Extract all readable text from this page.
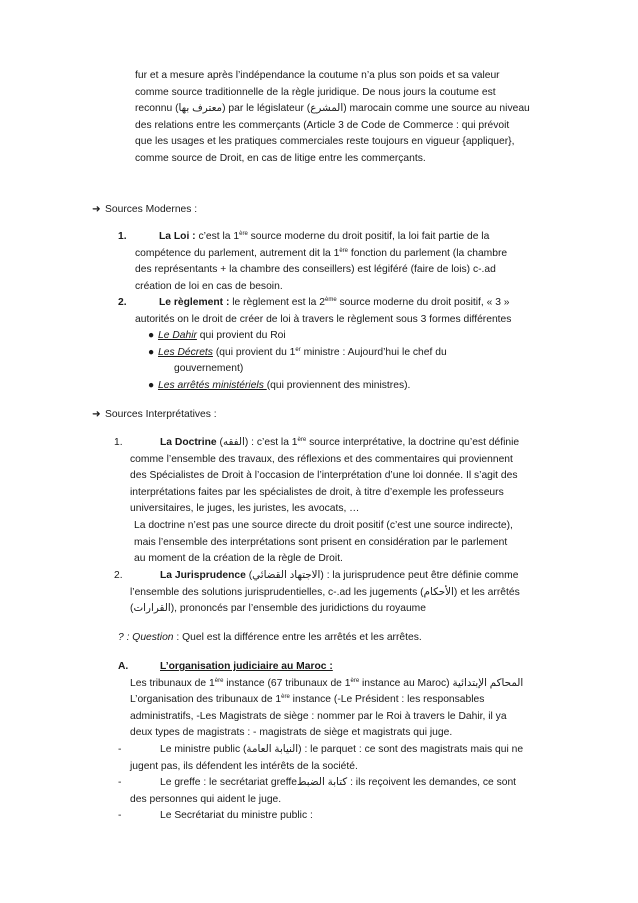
fur et a mesure après l’indépendance la coutume n’a plus son poids et sa valeur
comme source traditionnelle de la règle juridique. De nous jours la coutume est
reconnu (معترف بها) par le législateur (المشرع) marocain comme une source au niveau
des relations entre les commerçants (Article 3 de Code de Commerce : qui prévoit
que les usages et les pratiques commerciales reste toujours en vigueur {appliquer},
comme source de Droit, en cas de litige entre les commerçants.
➜ Sources Modernes :
1.	La Loi : c’est la 1ère source moderne du droit positif, la loi fait partie de la
compétence du parlement, autrement dit la 1ère fonction du parlement (la chambre
des représentants + la chambre des conseillers) est légiféré (faire de lois) c-.ad
création de loi en cas de besoin.
2.	Le règlement : le règlement est la 2ème source moderne du droit positif, « 3 »
autorités on le droit de créer de loi à travers le règlement sous 3 formes différentes
● Le Dahir qui provient du Roi
● Les Décrets (qui provient du 1er ministre : Aujourd’hui le chef du
gouvernement)
● Les arrêtés ministériels (qui proviennent des ministres).
➜ Sources Interprétatives :
1.	La Doctrine (الفقه) : c’est la 1ère source interprétative, la doctrine qu’est définie
comme l’ensemble des travaux, des réflexions et des commentaires qui proviennent
des Spécialistes de Droit à l’occasion de l’interprétation d’une loi donnée. Il s’agit des
interprétations faites par les spécialistes de droit, à titre d’exemple les professeurs
universitaires, le juges, les juristes, les avocats, …
La doctrine n’est pas une source directe du droit positif (c’est une source indirecte),
mais l’ensemble des interprétations sont prisent en considération par le parlement
au moment de la création de la règle de Droit.
2.	La Jurisprudence (الاجتهاد القضائي) : la jurisprudence peut être définie comme
l’ensemble des solutions jurisprudentielles, c-.ad les jugements (الأحكام) et les arrêtés
(القرارات), prononcés par l’ensemble des juridictions du royaume
? : Question : Quel est la différence entre les arrêtés et les arrêtes.
A.	L’organisation judiciaire au Maroc :
Les tribunaux de 1ère instance (67 tribunaux de 1ère instance au Maroc) المحاكم الإبتدائية
L’organisation des tribunaux de 1ère instance (-Le Président : les responsables
administratifs, -Les Magistrats de siège : nommer par le Roi à travers le Dahir, il ya
deux types de magistrats : - magistrats de siège et magistrats qui juge.
-	Le ministre public (النيابة العامة) : le parquet : ce sont des magistrats mais qui ne
jugent pas, ils défendent les intérêts de la société.
-	Le greffe : le secrétariat greffeكتابة الضبط : ils reçoivent les demandes, ce sont
des personnes qui aident le juge.
-	Le Secrétariat du ministre public :
